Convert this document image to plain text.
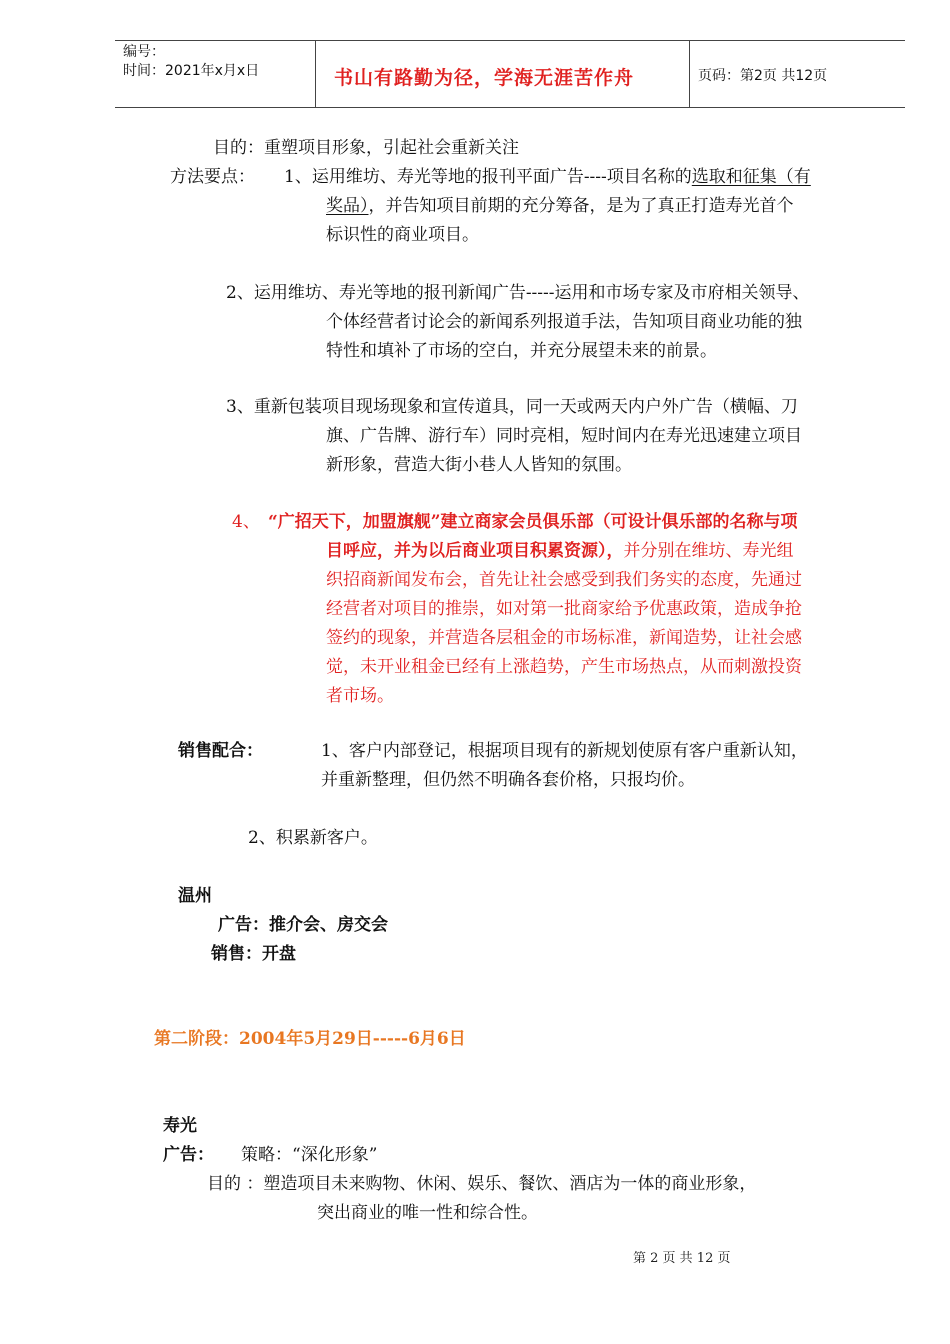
编号：
时间：2021年x月x日	书山有路勤为径，学海无涯苦作舟	页码：第2页 共12页
目的：重塑项目形象，引起社会重新关注
方法要点： 1、运用维坊、寿光等地的报刊平面广告----项目名称的选取和征集（有
奖品），并告知项目前期的充分筹备，是为了真正打造寿光首个
标识性的商业项目。
2、运用维坊、寿光等地的报刊新闻广告-----运用和市场专家及市府相关领导、
个体经营者讨论会的新闻系列报道手法，告知项目商业功能的独
特性和填补了市场的空白，并充分展望未来的前景。
3、重新包装项目现场现象和宣传道具，同一天或两天内户外广告（横幅、刀
旗、广告牌、游行车）同时亮相，短时间内在寿光迅速建立项目
新形象，营造大街小巷人人皆知的氛围。
4、 “广招天下，加盟旗舰”建立商家会员俱乐部（可设计俱乐部的名称与项
目呼应，并为以后商业项目积累资源），并分别在维坊、寿光组
织招商新闻发布会，首先让社会感受到我们务实的态度，先通过
经营者对项目的推崇，如对第一批商家给予优惠政策，造成争抢
签约的现象，并营造各层租金的市场标准，新闻造势，让社会感
觉，未开业租金已经有上涨趋势，产生市场热点，从而刺激投资
者市场。
销售配合：	1、客户内部登记，根据项目现有的新规划使原有客户重新认知，
并重新整理，但仍然不明确各套价格，只报均价。
2、积累新客户。
温州
广告：推介会、房交会
销售：开盘
第二阶段：2004年5月29日-----6月6日
寿光
广告： 策略：“深化形象”
目的 ：塑造项目未来购物、休闲、娱乐、餐饮、酒店为一体的商业形象，
突出商业的唯一性和综合性。
第 2 页 共 12 页
